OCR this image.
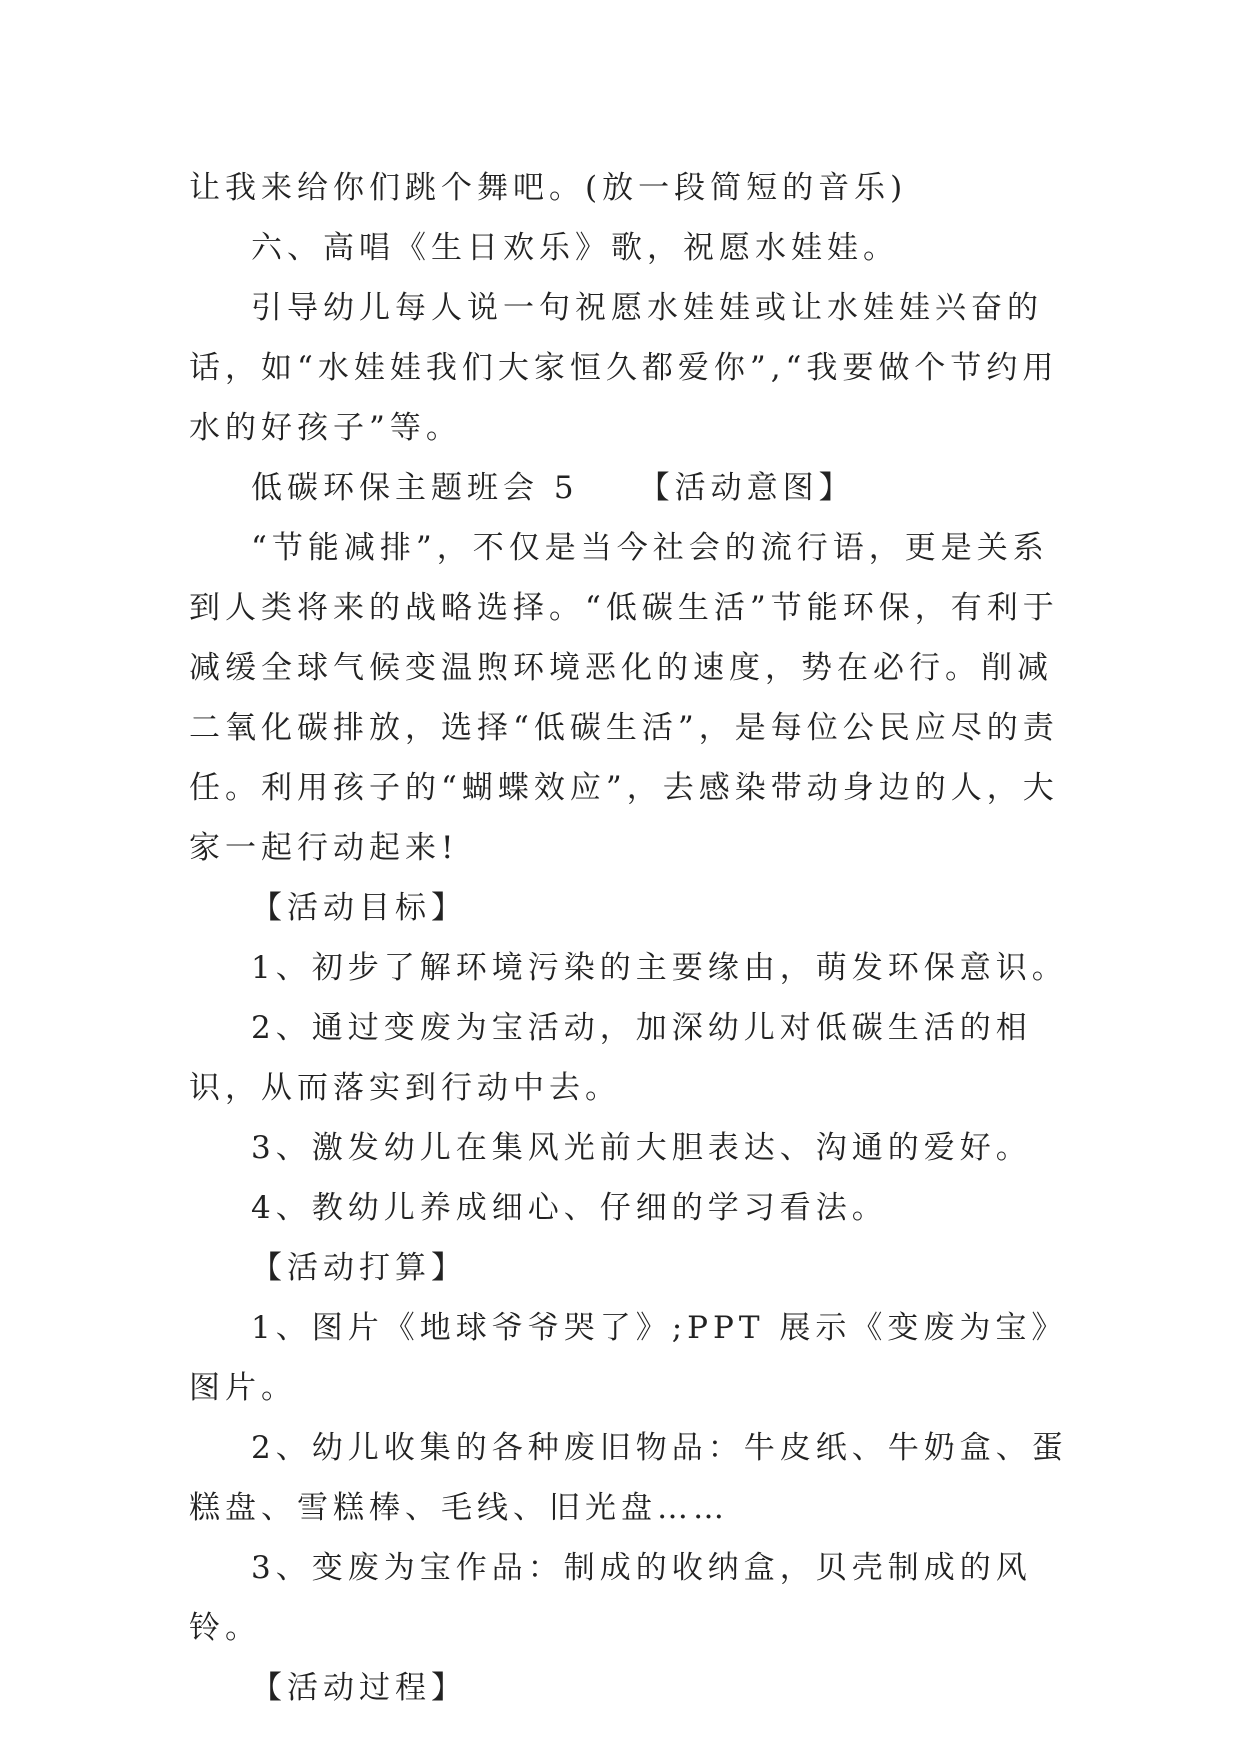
让我来给你们跳个舞吧。(放一段简短的音乐)

六、高唱《生日欢乐》歌，祝愿水娃娃。

引导幼儿每人说一句祝愿水娃娃或让水娃娃兴奋的话，如“水娃娃我们大家恒久都爱你”,“我要做个节约用水的好孩子”等。

低碳环保主题班会 5 【活动意图】

“节能减排”，不仅是当今社会的流行语，更是关系到人类将来的战略选择。“低碳生活”节能环保，有利于减缓全球气候变温煦环境恶化的速度，势在必行。削减二氧化碳排放，选择“低碳生活”，是每位公民应尽的责任。利用孩子的“蝴蝶效应”，去感染带动身边的人，大家一起行动起来!

【活动目标】

1、初步了解环境污染的主要缘由，萌发环保意识。

2、通过变废为宝活动，加深幼儿对低碳生活的相识，从而落实到行动中去。

3、激发幼儿在集风光前大胆表达、沟通的爱好。

4、教幼儿养成细心、仔细的学习看法。

【活动打算】

1、图片《地球爷爷哭了》;PPT 展示《变废为宝》图片。

2、幼儿收集的各种废旧物品：牛皮纸、牛奶盒、蛋糕盘、雪糕棒、毛线、旧光盘……

3、变废为宝作品：制成的收纳盒，贝壳制成的风铃。

【活动过程】
